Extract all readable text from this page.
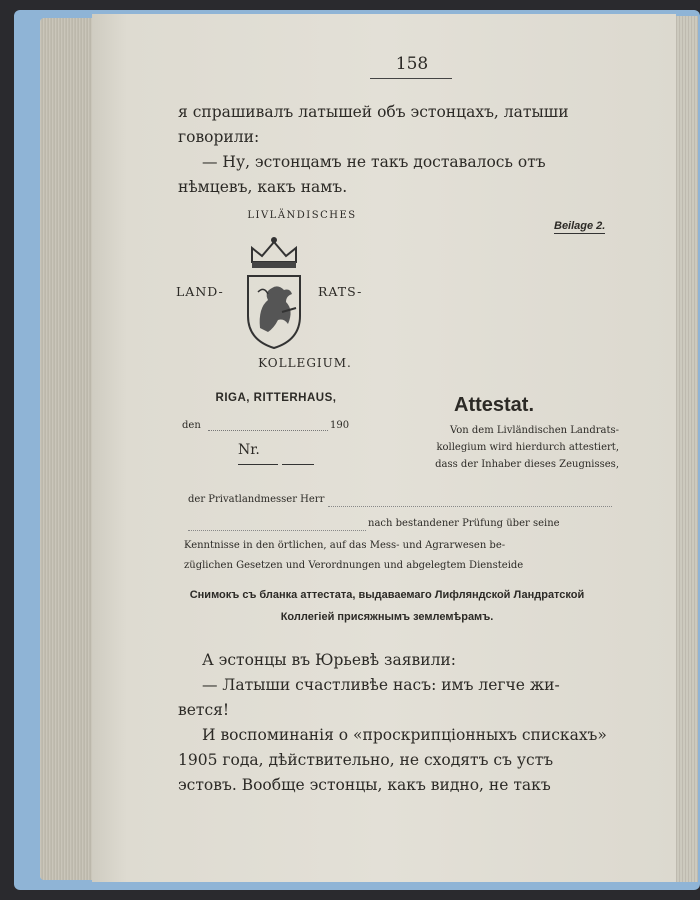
158
я спрашивалъ латышей объ эстонцахъ, латыши
говорили:
— Ну, эстонцамъ не такъ доставалось отъ
нѣмцевъ, какъ намъ.
Beilage 2.
LIVLÄNDISCHES
LAND-	RATS-
KOLLEGIUM.
RIGA, RITTERHAUS,
den	190
Nr.
Attestat.
Von dem Livländischen Landrats-
kollegium wird hierdurch attestiert,
dass der Inhaber dieses Zeugnisses,
der Privatlandmesser Herr
nach bestandener Prüfung über seine
Kenntnisse in den örtlichen, auf das Mess- und Agrarwesen be-
züglichen Gesetzen und Verordnungen und abgelegtem Diensteide
Снимокъ съ бланка аттестата, выдаваемаго Лифляндской Ландратской
Коллегiей присяжнымъ землемѣрамъ.
А эстонцы въ Юрьевѣ заявили:
— Латыши счастливѣе насъ: имъ легче жи-
вется!
И воспоминанiя о «проскрипцiонныхъ спискахъ»
1905 года, дѣйствительно, не сходятъ съ устъ
эстовъ. Вообще эстонцы, какъ видно, не такъ
